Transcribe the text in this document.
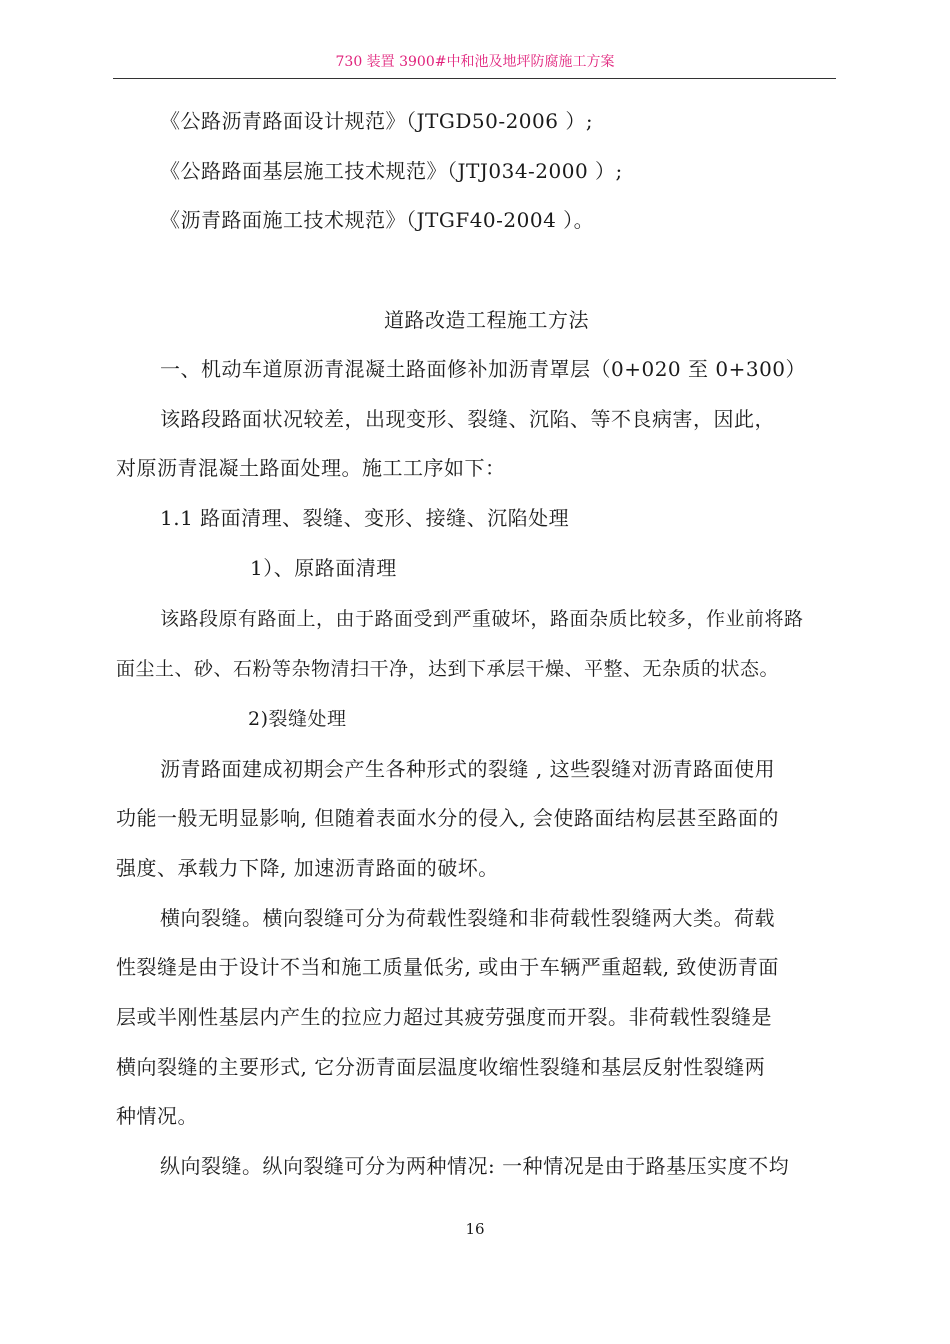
730 装置 3900#中和池及地坪防腐施工方案
《公路沥青路面设计规范》（JTGD50-2006 ）;
《公路路面基层施工技术规范》（JTJ034-2000 ）;
《沥青路面施工技术规范》（JTGF40-2004 ）。
道路改造工程施工方法
一、机动车道原沥青混凝土路面修补加沥青罩层（0+020 至 0+300）
该路段路面状况较差，出现变形、裂缝、沉陷、等不良病害，因此，
对原沥青混凝土路面处理。施工工序如下：
1.1 路面清理、裂缝、变形、接缝、沉陷处理
1）、原路面清理
该路段原有路面上，由于路面受到严重破坏，路面杂质比较多，作业前将路
面尘土、砂、石粉等杂物清扫干净，达到下承层干燥、平整、无杂质的状态。
2)裂缝处理
沥青路面建成初期会产生各种形式的裂缝 , 这些裂缝对沥青路面使用
功能一般无明显影响, 但随着表面水分的侵入, 会使路面结构层甚至路面的
强度、承载力下降, 加速沥青路面的破坏。
横向裂缝。横向裂缝可分为荷载性裂缝和非荷载性裂缝两大类。荷载
性裂缝是由于设计不当和施工质量低劣, 或由于车辆严重超载, 致使沥青面
层或半刚性基层内产生的拉应力超过其疲劳强度而开裂。非荷载性裂缝是
横向裂缝的主要形式, 它分沥青面层温度收缩性裂缝和基层反射性裂缝两
种情况。
纵向裂缝。纵向裂缝可分为两种情况: 一种情况是由于路基压实度不均
16
